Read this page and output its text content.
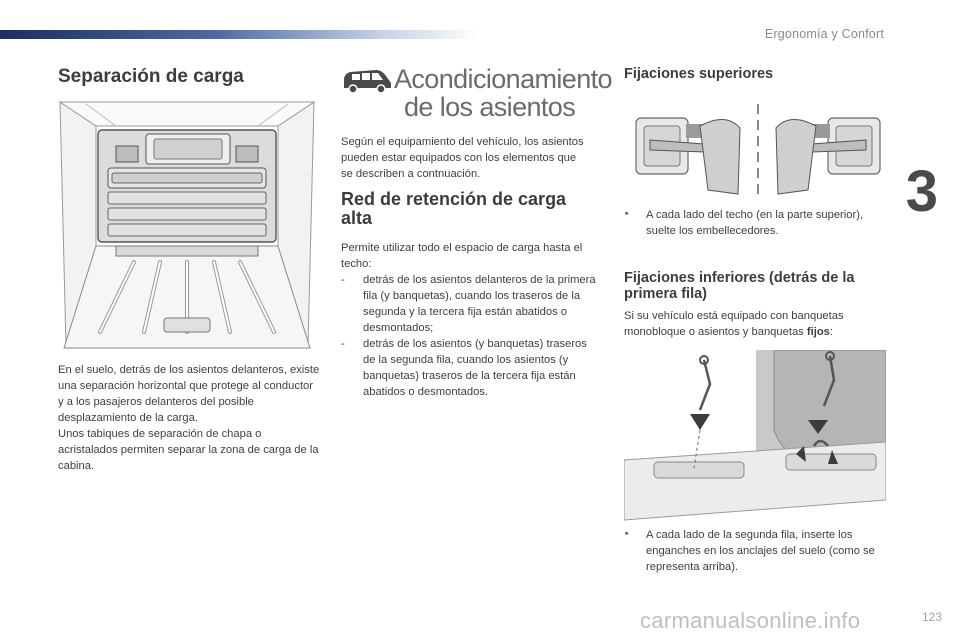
Ergonomía y Confort
3
Separación de carga
En el suelo, detrás de los asientos delanteros, existe una separación horizontal que protege al conductor y a los pasajeros delanteros del posible desplazamiento de la carga.
Unos tabiques de separación de chapa o acristalados permiten separar la zona de carga de la cabina.
Acondicionamiento
de los asientos

Según el equipamiento del vehículo, los asientos pueden estar equipados con los elementos que se describen a contnuación.

Red de retención de carga alta
Permite utilizar todo el espacio de carga hasta el techo:
- detrás de los asientos delanteros de la primera fila (y banquetas), cuando los traseros de la segunda y la tercera fija están abatidos o desmontados;
- detrás de los asientos (y banquetas) traseros de la segunda fila, cuando los asientos (y banquetas) traseros de la tercera fija están abatidos o desmontados.
Fijaciones superiores
‣ A cada lado del techo (en la parte superior), suelte los embellecedores.
Fijaciones inferiores (detrás de la primera fila)

Si su vehículo está equipado con banquetas monobloque o asientos y banquetas fijos:

‣ A cada lado de la segunda fila, inserte los enganches en los anclajes del suelo (como se representa arriba).
carmanualsonline.info	123
